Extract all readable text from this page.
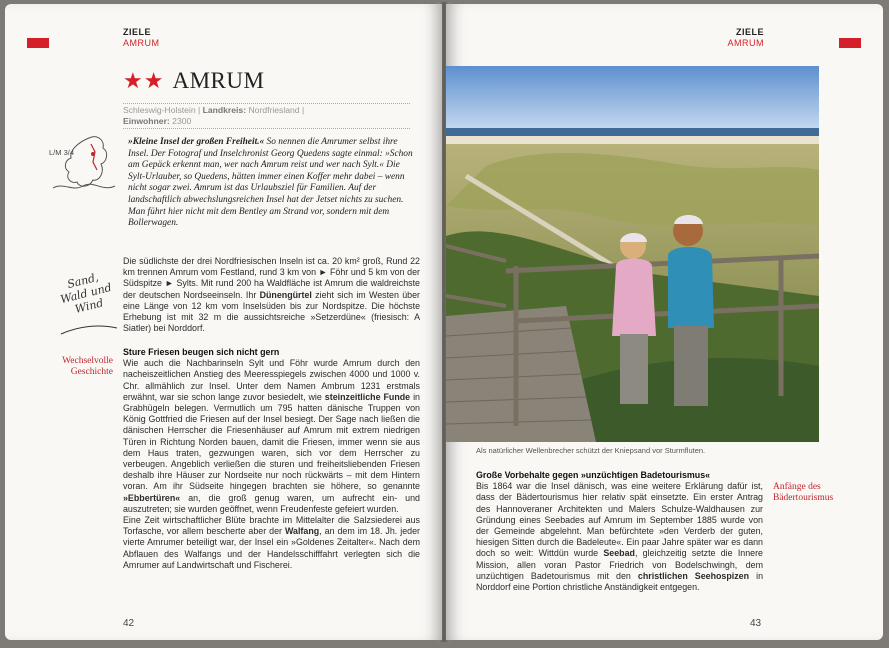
ZIELE
AMRUM
★★ AMRUM
Schleswig-Holstein | Landkreis: Nordfriesland |
Einwohner: 2300
L/M 3/4
Sand, Wald und Wind
»Kleine Insel der großen Freiheit.« So nennen die Amrumer selbst ihre Insel. Der Fotograf und Inselchronist Georg Quedens sagte einmal: »Schon am Gepäck erkennt man, wer nach Amrum reist und wer nach Sylt.« Die Sylt-Urlauber, so Quedens, hätten immer einen Koffer mehr dabei – wenn nicht sogar zwei. Amrum ist das Urlaubsziel für Familien. Auf der landschaftlich abwechslungsreichen Insel hat der Jetset nichts zu suchen. Man führt hier nicht mit dem Bentley am Strand vor, sondern mit dem Bollerwagen.
Die südlichste der drei Nordfriesischen Inseln ist ca. 20 km² groß, Rund 22 km trennen Amrum vom Festland, rund 3 km von ► Föhr und 5 km von der Südspitze ► Sylts. Mit rund 200 ha Waldfläche ist Amrum die waldreichste der deutschen Nordseeinseln. Ihr Dünengürtel zieht sich im Westen über eine Länge von 12 km vom Inselsüden bis zur Nordspitze. Die höchste Erhebung ist mit 32 m die aussichtsreiche »Setzerdüne« (friesisch: A Siatler) bei Norddorf.
Wechselvolle Geschichte
Sture Friesen beugen sich nicht gern
Wie auch die Nachbarinseln Sylt und Föhr wurde Amrum durch den nacheiszeitlichen Anstieg des Meeresspiegels zwischen 4000 und 1000 v. Chr. allmählich zur Insel. Unter dem Namen Ambrum 1231 erstmals erwähnt, war sie schon lange zuvor besiedelt, wie steinzeitliche Funde in Grabhügeln belegen. Vermutlich um 795 hatten dänische Truppen von König Gottfried die Friesen auf der Insel besiegt. Der Sage nach ließen die dänischen Herrscher die Friesenhäuser auf Amrum mit extrem niedrigen Türen in Richtung Norden bauen, damit die Friesen, immer wenn sie aus dem Haus traten, gezwungen waren, sich vor dem Herrscher zu verbeugen. Angeblich verließen die sturen und freiheitsliebenden Friesen deshalb ihre Häuser zur Nordseite nur noch rückwärts – mit dem Hintern voran. Am ihr Südseite hingegen brachten sie höhere, so genannte »Ebbertüren« an, die groß genug waren, um aufrecht ein- und auszutreten; sie wurden geöffnet, wenn Freudenfeste gefeiert wurden.
Eine Zeit wirtschaftlicher Blüte brachte im Mittelalter die Salzsiederei aus Torfasche, vor allem bescherte aber der Walfang, an dem im 18. Jh. jeder vierte Amrumer beteiligt war, der Insel ein »Goldenes Zeitalter«. Nach dem Abflauen des Walfangs und der Handelsschifffahrt verlegten sich die Amrumer auf Landwirtschaft und Fischerei.
42
ZIELE
AMRUM
Als natürlicher Wellenbrecher schützt der Kniepsand vor Sturmfluten.
Große Vorbehalte gegen »unzüchtigen Badetourismus«
Bis 1864 war die Insel dänisch, was eine weitere Erklärung dafür ist, dass der Bädertourismus hier relativ spät einsetzte. Ein erster Antrag des Hannoveraner Architekten und Malers Schulze-Waldhausen zur Gründung eines Seebades auf Amrum im September 1885 wurde von der Gemeinde abgelehnt. Man befürchtete »den Verderb der guten, hiesigen Sitten durch die Badeleute«. Ein paar Jahre später war es dann doch so weit: Wittdün wurde Seebad, gleichzeitig setzte die Innere Mission, allen voran Pastor Friedrich von Bodelschwingh, dem unzüchtigen Badetourismus mit den christlichen Seehospizen in Norddorf eine Portion christliche Anständigkeit entgegen.
Anfänge des Bädertourismus
43
